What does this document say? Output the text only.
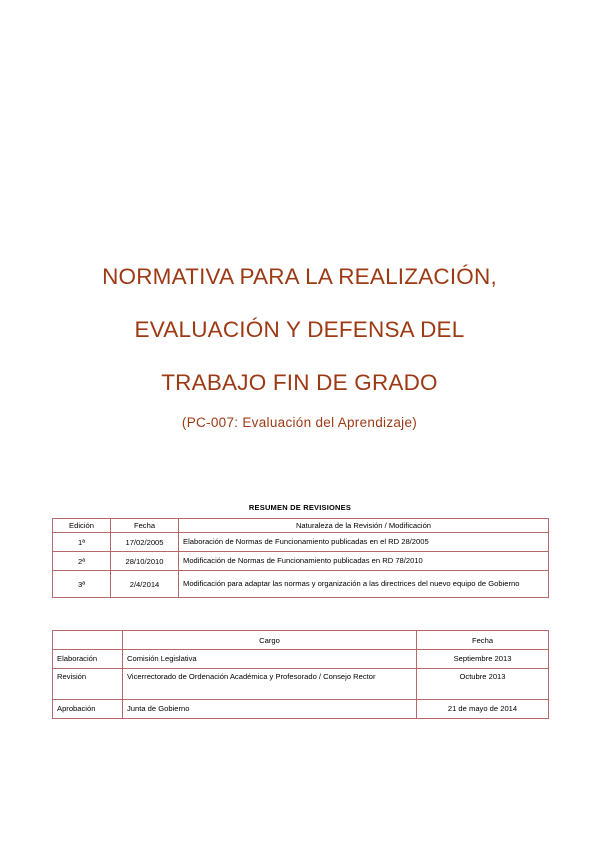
NORMATIVA PARA LA REALIZACIÓN,
EVALUACIÓN Y DEFENSA DEL
TRABAJO FIN DE GRADO
(PC-007: Evaluación del Aprendizaje)
RESUMEN DE REVISIONES
Edición	Fecha	Naturaleza de la Revisión / Modificación
1ª	17/02/2005	Elaboración de Normas de Funcionamiento publicadas en el RD 28/2005
2ª	28/10/2010	Modificación de Normas de Funcionamiento publicadas en RD 78/2010
3ª	2/4/2014	Modificación para adaptar las normas y organización a las directrices del nuevo equipo de Gobierno
	Cargo	Fecha
Elaboración	Comisión Legislativa	Septiembre 2013
Revisión	Vicerrectorado de Ordenación Académica y Profesorado / Consejo Rector	Octubre 2013
Aprobación	Junta de Gobierno	21 de mayo de 2014
